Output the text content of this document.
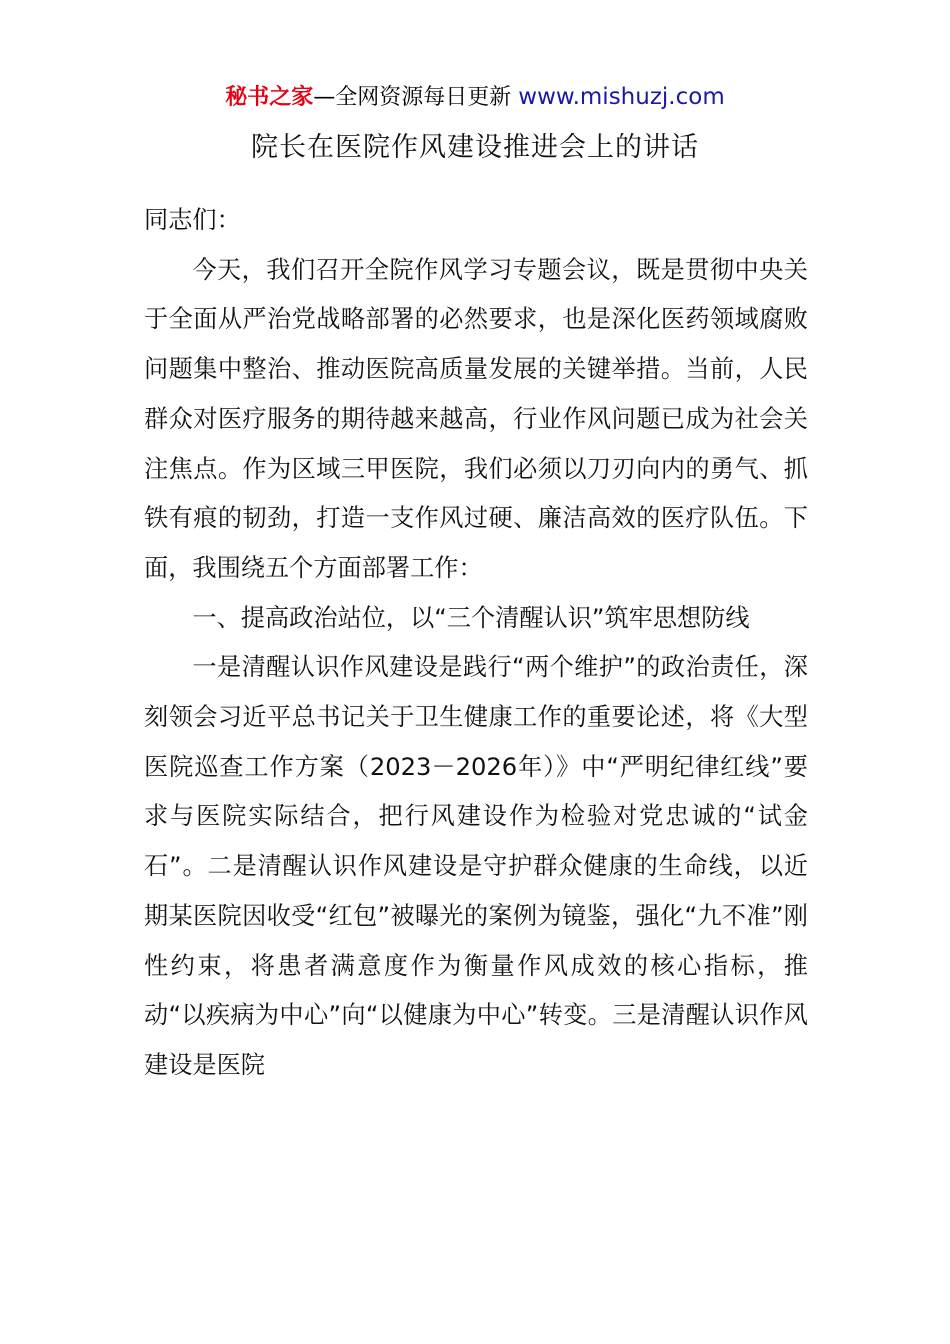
秘书之家—全网资源每日更新 www.mishuzj.com
院长在医院作风建设推进会上的讲话

同志们：

今天，我们召开全院作风学习专题会议，既是贯彻中央关于全面从严治党战略部署的必然要求，也是深化医药领域腐败问题集中整治、推动医院高质量发展的关键举措。当前，人民群众对医疗服务的期待越来越高，行业作风问题已成为社会关注焦点。作为区域三甲医院，我们必须以刀刃向内的勇气、抓铁有痕的韧劲，打造一支作风过硬、廉洁高效的医疗队伍。下面，我围绕五个方面部署工作：

一、提高政治站位，以“三个清醒认识”筑牢思想防线

一是清醒认识作风建设是践行“两个维护”的政治责任，深刻领会习近平总书记关于卫生健康工作的重要论述，将《大型医院巡查工作方案（2023－2026年）》中“严明纪律红线”要求与医院实际结合，把行风建设作为检验对党忠诚的“试金石”。二是清醒认识作风建设是守护群众健康的生命线，以近期某医院因收受“红包”被曝光的案例为镜鉴，强化“九不准”刚性约束，将患者满意度作为衡量作风成效的核心指标，推动“以疾病为中心”向“以健康为中心”转变。三是清醒认识作风建设是医院
